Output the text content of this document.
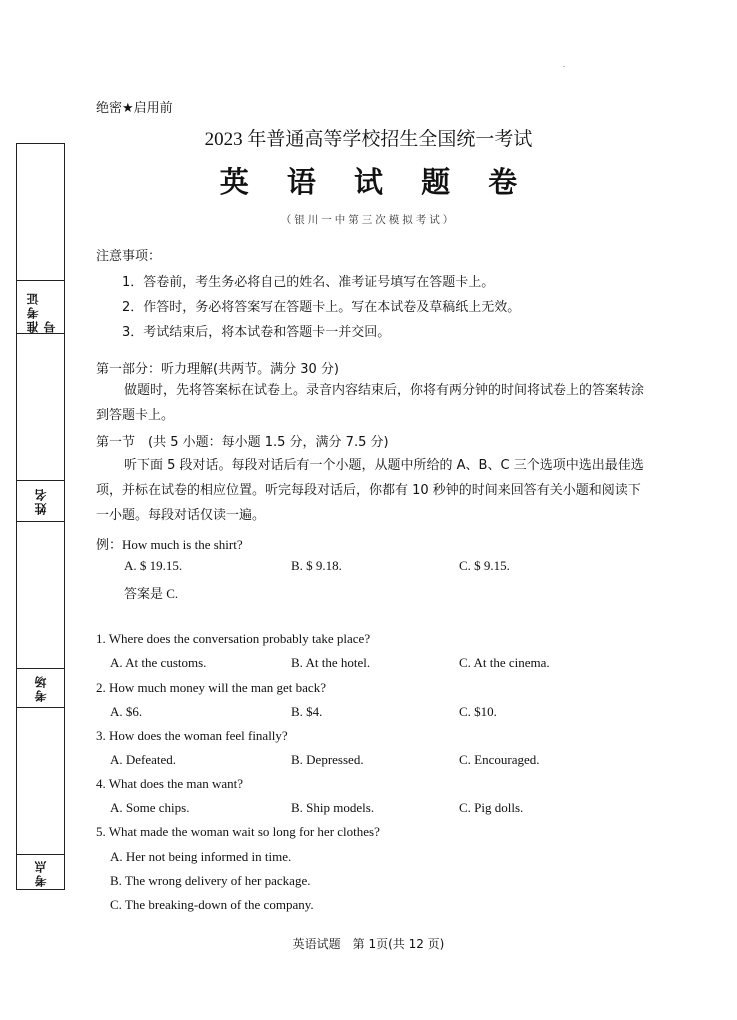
.
准考证号
姓名
考场
考点
绝密★启用前
2023 年普通高等学校招生全国统一考试
英 语 试 题 卷
（银川一中第三次模拟考试）
注意事项：
1．答卷前，考生务必将自己的姓名、准考证号填写在答题卡上。
2．作答时，务必将答案写在答题卡上。写在本试卷及草稿纸上无效。
3．考试结束后，将本试卷和答题卡一并交回。
第一部分：听力理解(共两节。满分 30 分)
做题时，先将答案标在试卷上。录音内容结束后，你将有两分钟的时间将试卷上的答案转涂到答题卡上。
第一节　(共 5 小题：每小题 1.5 分，满分 7.5 分)
听下面 5 段对话。每段对话后有一个小题，从题中所给的 A、B、C 三个选项中选出最佳选项，并标在试卷的相应位置。听完每段对话后，你都有 10 秒钟的时间来回答有关小题和阅读下一小题。每段对话仅读一遍。
例：How much is the shirt?
A. $ 19.15.	B. $ 9.18.	C. $ 9.15.
答案是 C.
1. Where does the conversation probably take place?
A. At the customs.	B. At the hotel.	C. At the cinema.
2. How much money will the man get back?
A. $6.	B. $4.	C. $10.
3. How does the woman feel finally?
A. Defeated.	B. Depressed.	C. Encouraged.
4. What does the man want?
A. Some chips.	B. Ship models.	C. Pig dolls.
5. What made the woman wait so long for her clothes?
A. Her not being informed in time.
B. The wrong delivery of her package.
C. The breaking-down of the company.
英语试题　第 1页(共 12 页)
